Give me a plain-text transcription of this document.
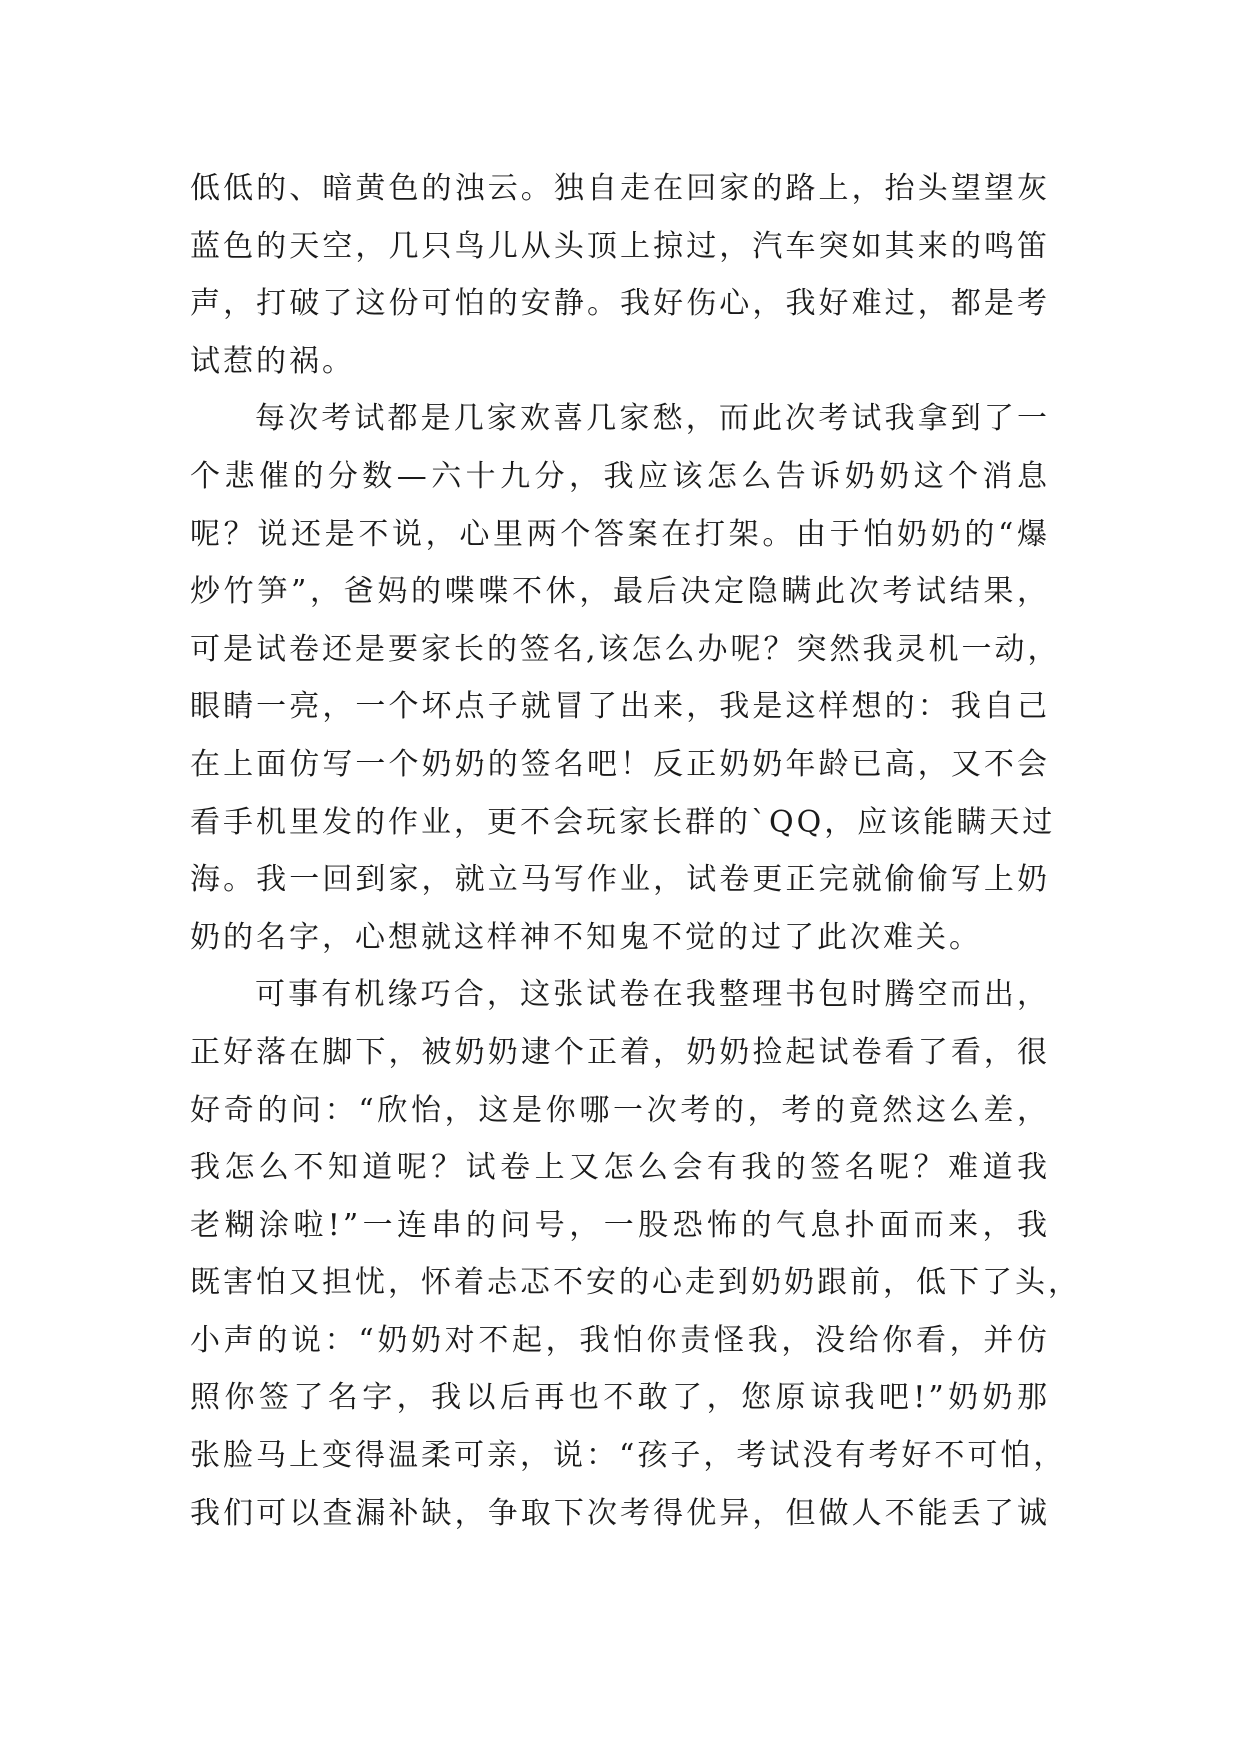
低低的、暗黄色的浊云。独自走在回家的路上，抬头望望灰
蓝色的天空，几只鸟儿从头顶上掠过，汽车突如其来的鸣笛
声，打破了这份可怕的安静。我好伤心，我好难过，都是考
试惹的祸。
每次考试都是几家欢喜几家愁，而此次考试我拿到了一
个悲催的分数—六十九分，我应该怎么告诉奶奶这个消息
呢？说还是不说，心里两个答案在打架。由于怕奶奶的“爆
炒竹笋”，爸妈的喋喋不休，最后决定隐瞒此次考试结果，
可是试卷还是要家长的签名,该怎么办呢？突然我灵机一动，
眼睛一亮，一个坏点子就冒了出来，我是这样想的：我自己
在上面仿写一个奶奶的签名吧！反正奶奶年龄已高，又不会
看手机里发的作业，更不会玩家长群的`QQ，应该能瞒天过
海。我一回到家，就立马写作业，试卷更正完就偷偷写上奶
奶的名字，心想就这样神不知鬼不觉的过了此次难关。
可事有机缘巧合，这张试卷在我整理书包时腾空而出，
正好落在脚下，被奶奶逮个正着，奶奶捡起试卷看了看，很
好奇的问：“欣怡，这是你哪一次考的，考的竟然这么差，
我怎么不知道呢？试卷上又怎么会有我的签名呢？难道我
老糊涂啦!”一连串的问号，一股恐怖的气息扑面而来，我
既害怕又担忧，怀着忐忑不安的心走到奶奶跟前，低下了头，
小声的说：“奶奶对不起，我怕你责怪我，没给你看，并仿
照你签了名字，我以后再也不敢了，您原谅我吧!”奶奶那
张脸马上变得温柔可亲，说：“孩子，考试没有考好不可怕，
我们可以查漏补缺，争取下次考得优异，但做人不能丢了诚
